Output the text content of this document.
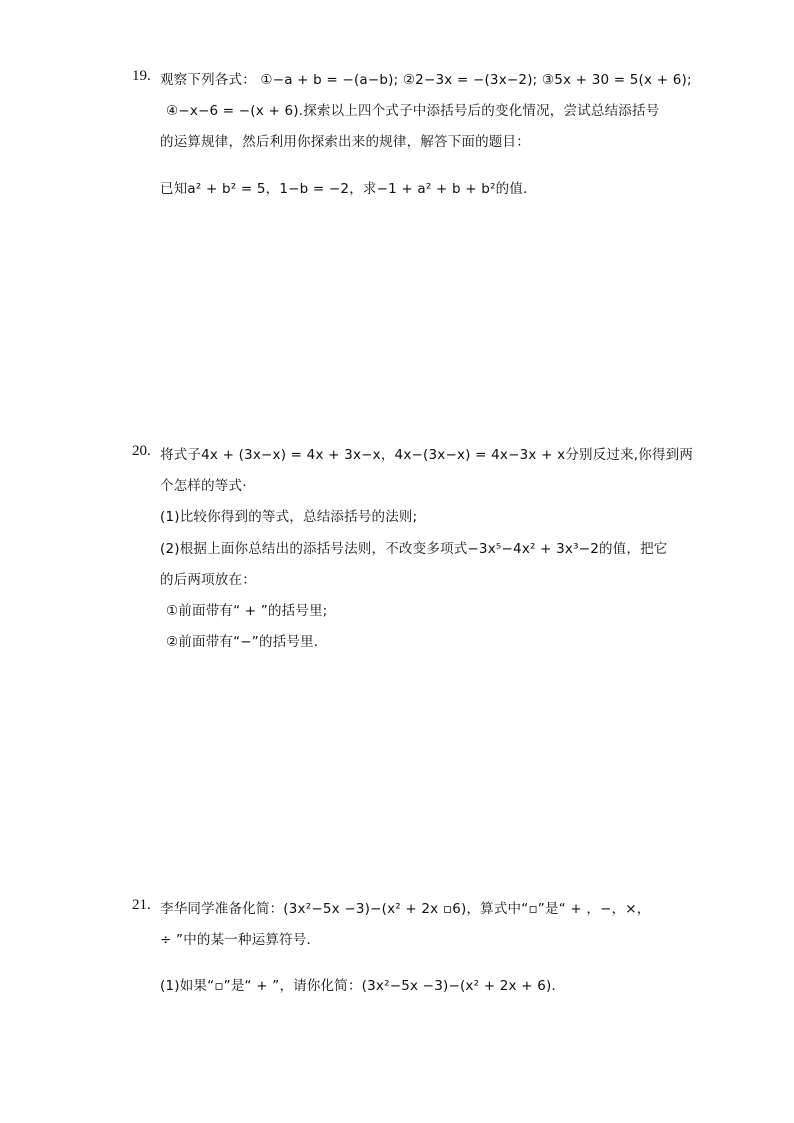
19. 观察下列各式： ①−a + b = −(a−b); ②2−3x = −(3x−2); ③5x + 30 = 5(x + 6);
④−x−6 = −(x + 6).探索以上四个式子中添括号后的变化情况，尝试总结添括号
的运算规律，然后利用你探索出来的规律，解答下面的题目：
已知a² + b² = 5，1−b = −2，求−1 + a² + b + b²的值．
20. 将式子4x + (3x−x) = 4x + 3x−x，4x−(3x−x) = 4x−3x + x分别反过来,你得到两
个怎样的等式·
(1)比较你得到的等式，总结添括号的法则;
(2)根据上面你总结出的添括号法则，不改变多项式−3x⁵−4x² + 3x³−2的值，把它
的后两项放在：
①前面带有“ + ”的括号里;
②前面带有“−”的括号里．
21. 李华同学准备化简：(3x²−5x −3)−(x² + 2x ▫6)，算式中“▫”是“ + ，−，×，
÷ ”中的某一种运算符号．
(1)如果“▫”是“ + ”，请你化简：(3x²−5x −3)−(x² + 2x + 6)．
